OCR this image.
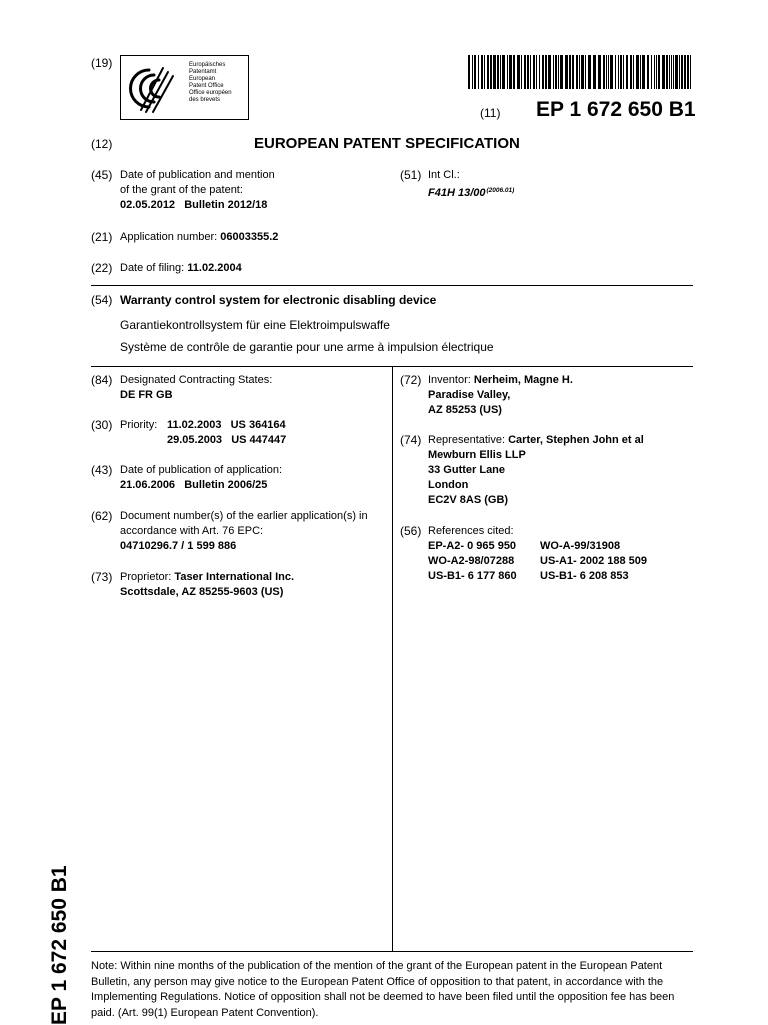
(19)	Europäisches
Patentamt
European
Patent Office
Office européen
des brevets
(11) EP 1 672 650 B1
(12)	EUROPEAN PATENT SPECIFICATION
(45) Date of publication and mention
of the grant of the patent:
02.05.2012   Bulletin 2012/18
(51) Int Cl.:
F41H $13/00^{(2006.01)}$
(21) Application number: 06003355.2
(22) Date of filing: 11.02.2004
(54) Warranty control system for electronic disabling device
Garantiekontrollsystem für eine Elektroimpulswaffe
Système de contrôle de garantie pour une arme à impulsion électrique
(84) Designated Contracting States:
DE FR GB
(30) Priority: 11.02.2003   US 364164
29.05.2003   US 447447
(43) Date of publication of application:
21.06.2006   Bulletin 2006/25
(62) Document number(s) of the earlier application(s) in
accordance with Art. 76 EPC:
04710296.7 / 1 599 886
(73) Proprietor: Taser International Inc.
Scottsdale, AZ 85255-9603 (US)
(72) Inventor: Nerheim, Magne H.
Paradise Valley,
AZ 85253 (US)
(74) Representative: Carter, Stephen John et al
Mewburn Ellis LLP
33 Gutter Lane
London
EC2V 8AS (GB)
(56) References cited:
EP-A2- 0 965 950 WO-A-99/31908
WO-A2-98/07288 US-A1- 2002 188 509
US-B1- 6 177 860 US-B1- 6 208 853
Note: Within nine months of the publication of the mention of the grant of the European patent in the European Patent Bulletin, any person may give notice to the European Patent Office of opposition to that patent, in accordance with the Implementing Regulations. Notice of opposition shall not be deemed to have been filed until the opposition fee has been paid. (Art. 99(1) European Patent Convention).
EP 1 672 650 B1
